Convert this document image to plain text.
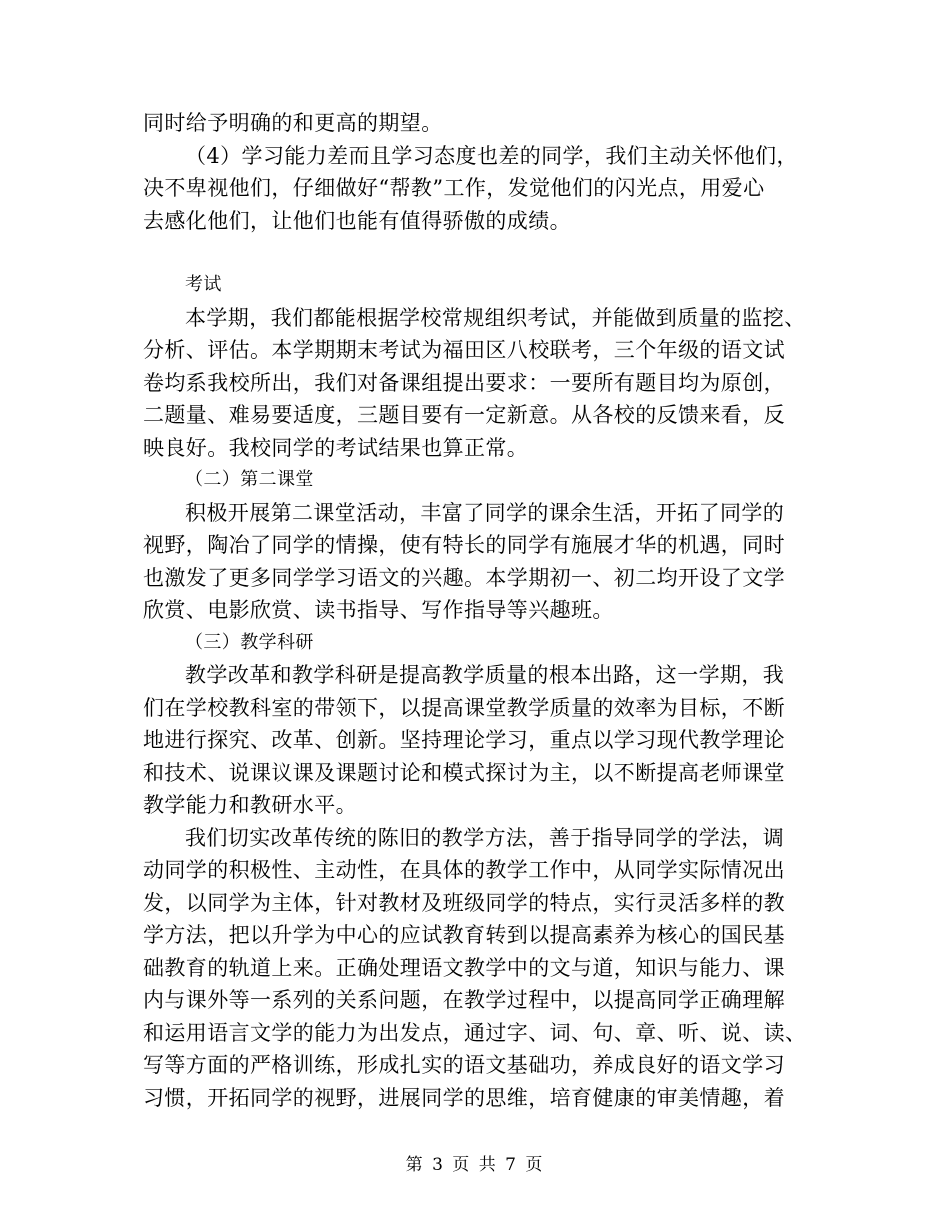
同时给予明确的和更高的期望。
（4）学习能力差而且学习态度也差的同学，我们主动关怀他们，
决不卑视他们，仔细做好“帮教”工作，发觉他们的闪光点，用爱心
去感化他们，让他们也能有值得骄傲的成绩。
考试
本学期，我们都能根据学校常规组织考试，并能做到质量的监挖、
分析、评估。本学期期末考试为福田区八校联考，三个年级的语文试
卷均系我校所出，我们对备课组提出要求：一要所有题目均为原创，
二题量、难易要适度，三题目要有一定新意。从各校的反馈来看，反
映良好。我校同学的考试结果也算正常。
（二）第二课堂
积极开展第二课堂活动，丰富了同学的课余生活，开拓了同学的
视野，陶冶了同学的情操，使有特长的同学有施展才华的机遇，同时
也激发了更多同学学习语文的兴趣。本学期初一、初二均开设了文学
欣赏、电影欣赏、读书指导、写作指导等兴趣班。
（三）教学科研
教学改革和教学科研是提高教学质量的根本出路，这一学期，我
们在学校教科室的带领下，以提高课堂教学质量的效率为目标，不断
地进行探究、改革、创新。坚持理论学习，重点以学习现代教学理论
和技术、说课议课及课题讨论和模式探讨为主，以不断提高老师课堂
教学能力和教研水平。
我们切实改革传统的陈旧的教学方法，善于指导同学的学法，调
动同学的积极性、主动性，在具体的教学工作中，从同学实际情况出
发，以同学为主体，针对教材及班级同学的特点，实行灵活多样的教
学方法，把以升学为中心的应试教育转到以提高素养为核心的国民基
础教育的轨道上来。正确处理语文教学中的文与道，知识与能力、课
内与课外等一系列的关系问题，在教学过程中，以提高同学正确理解
和运用语言文学的能力为出发点，通过字、词、句、章、听、说、读、
写等方面的严格训练，形成扎实的语文基础功，养成良好的语文学习
习惯，开拓同学的视野，进展同学的思维，培育健康的审美情趣，着
第 3 页 共 7 页
